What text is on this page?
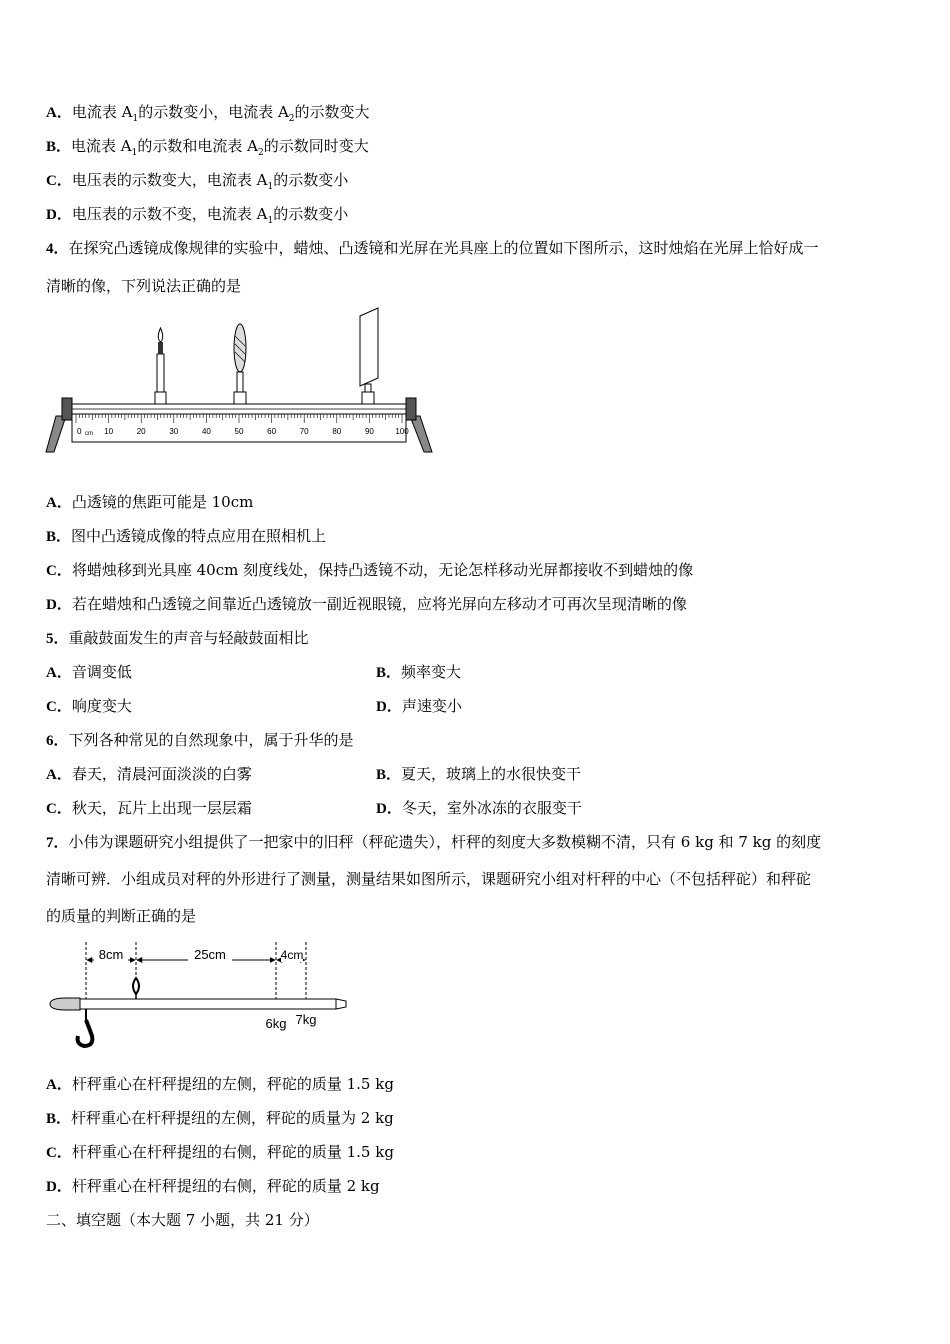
A．电流表 $A_1$的示数变小，电流表 $A_2$的示数变大
B．电流表 $A_1$的示数和电流表 $A_2$的示数同时变大
C．电压表的示数变大，电流表 $A_1$的示数变小
D．电压表的示数不变，电流表 $A_1$的示数变小
4．在探究凸透镜成像规律的实验中，蜡烛、凸透镜和光屏在光具座上的位置如下图所示，这时烛焰在光屏上恰好成一
清晰的像，下列说法正确的是
0	10	20	30	40	50	60	70	80	90	100
cm
A．凸透镜的焦距可能是 10cm
B．图中凸透镜成像的特点应用在照相机上
C．将蜡烛移到光具座 40cm 刻度线处，保持凸透镜不动，无论怎样移动光屏都接收不到蜡烛的像
D．若在蜡烛和凸透镜之间靠近凸透镜放一副近视眼镜，应将光屏向左移动才可再次呈现清晰的像
5．重敲鼓面发生的声音与轻敲鼓面相比
A．音调变低	B．频率变大
C．响度变大	D．声速变小
6．下列各种常见的自然现象中，属于升华的是
A．春天，清晨河面淡淡的白雾	B．夏天，玻璃上的水很快变干
C．秋天，瓦片上出现一层层霜	D．冬天，室外冰冻的衣服变干
7．小伟为课题研究小组提供了一把家中的旧秤（秤砣遗失），杆秤的刻度大多数模糊不清，只有 6 kg 和 7 kg 的刻度
清晰可辨．小组成员对秤的外形进行了测量，测量结果如图所示，课题研究小组对杆秤的中心（不包括秤砣）和秤砣
的质量的判断正确的是
8cm	25cm	4cm
6kg 7kg
A．杆秤重心在杆秤提纽的左侧，秤砣的质量 1.5 kg
B．杆秤重心在杆秤提纽的左侧，秤砣的质量为 2 kg
C．杆秤重心在杆秤提纽的右侧，秤砣的质量 1.5 kg
D．杆秤重心在杆秤提纽的右侧，秤砣的质量 2 kg
二、填空题（本大题 7 小题，共 21 分）
